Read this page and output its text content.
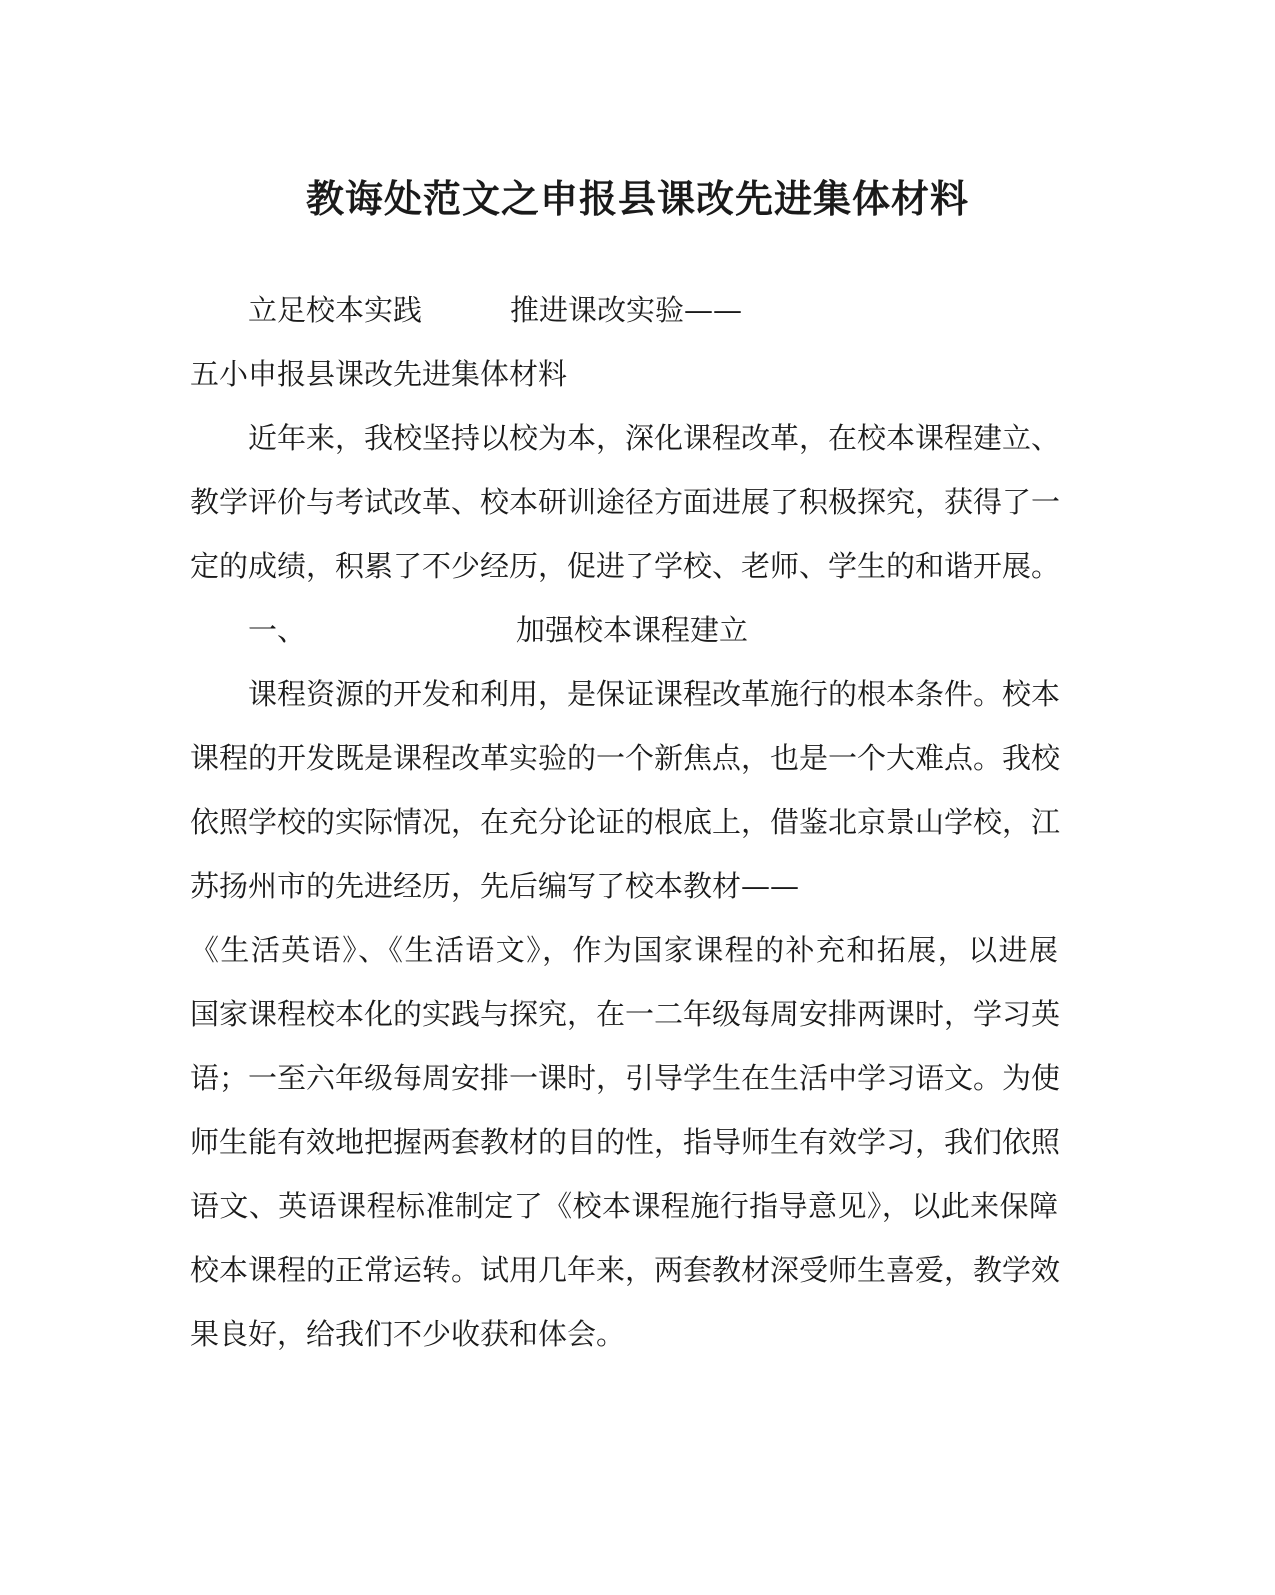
教诲处范文之申报县课改先进集体材料
立足校本实践	推进课改实验——
五小申报县课改先进集体材料
近年来，我校坚持以校为本，深化课程改革，在校本课程建立、
教学评价与考试改革、校本研训途径方面进展了积极探究，获得了一
定的成绩，积累了不少经历，促进了学校、老师、学生的和谐开展。
一、	加强校本课程建立
课程资源的开发和利用，是保证课程改革施行的根本条件。校本
课程的开发既是课程改革实验的一个新焦点，也是一个大难点。我校
依照学校的实际情况，在充分论证的根底上，借鉴北京景山学校，江
苏扬州市的先进经历，先后编写了校本教材——
《生活英语》、《生活语文》，作为国家课程的补充和拓展，以进展
国家课程校本化的实践与探究，在一二年级每周安排两课时，学习英
语；一至六年级每周安排一课时，引导学生在生活中学习语文。为使
师生能有效地把握两套教材的目的性，指导师生有效学习，我们依照
语文、英语课程标准制定了《校本课程施行指导意见》，以此来保障
校本课程的正常运转。试用几年来，两套教材深受师生喜爱，教学效
果良好，给我们不少收获和体会。
